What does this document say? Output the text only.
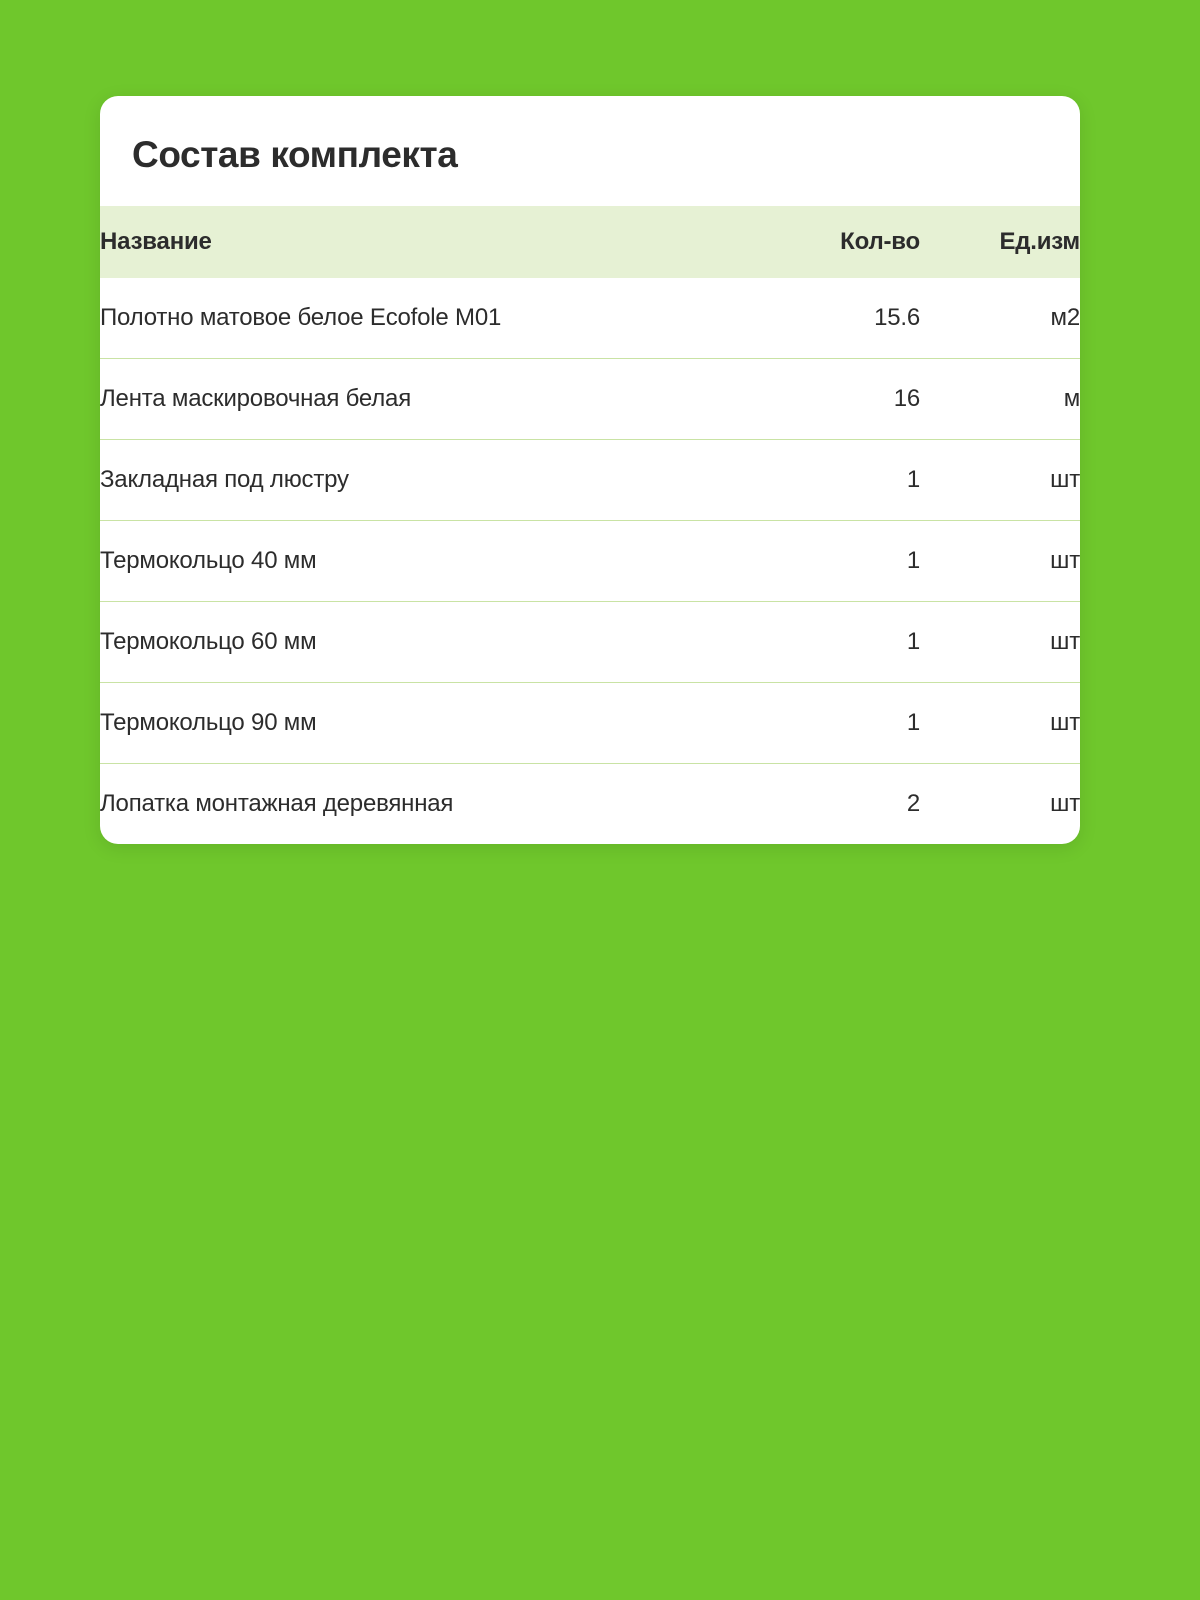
Состав комплекта
Название	Кол-во	Ед.изм
Полотно матовое белое Ecofole M01	15.6	м2
Лента маскировочная белая	16	м
Закладная под люстру	1	шт
Термокольцо 40 мм	1	шт
Термокольцо 60 мм	1	шт
Термокольцо 90 мм	1	шт
Лопатка монтажная деревянная	2	шт
